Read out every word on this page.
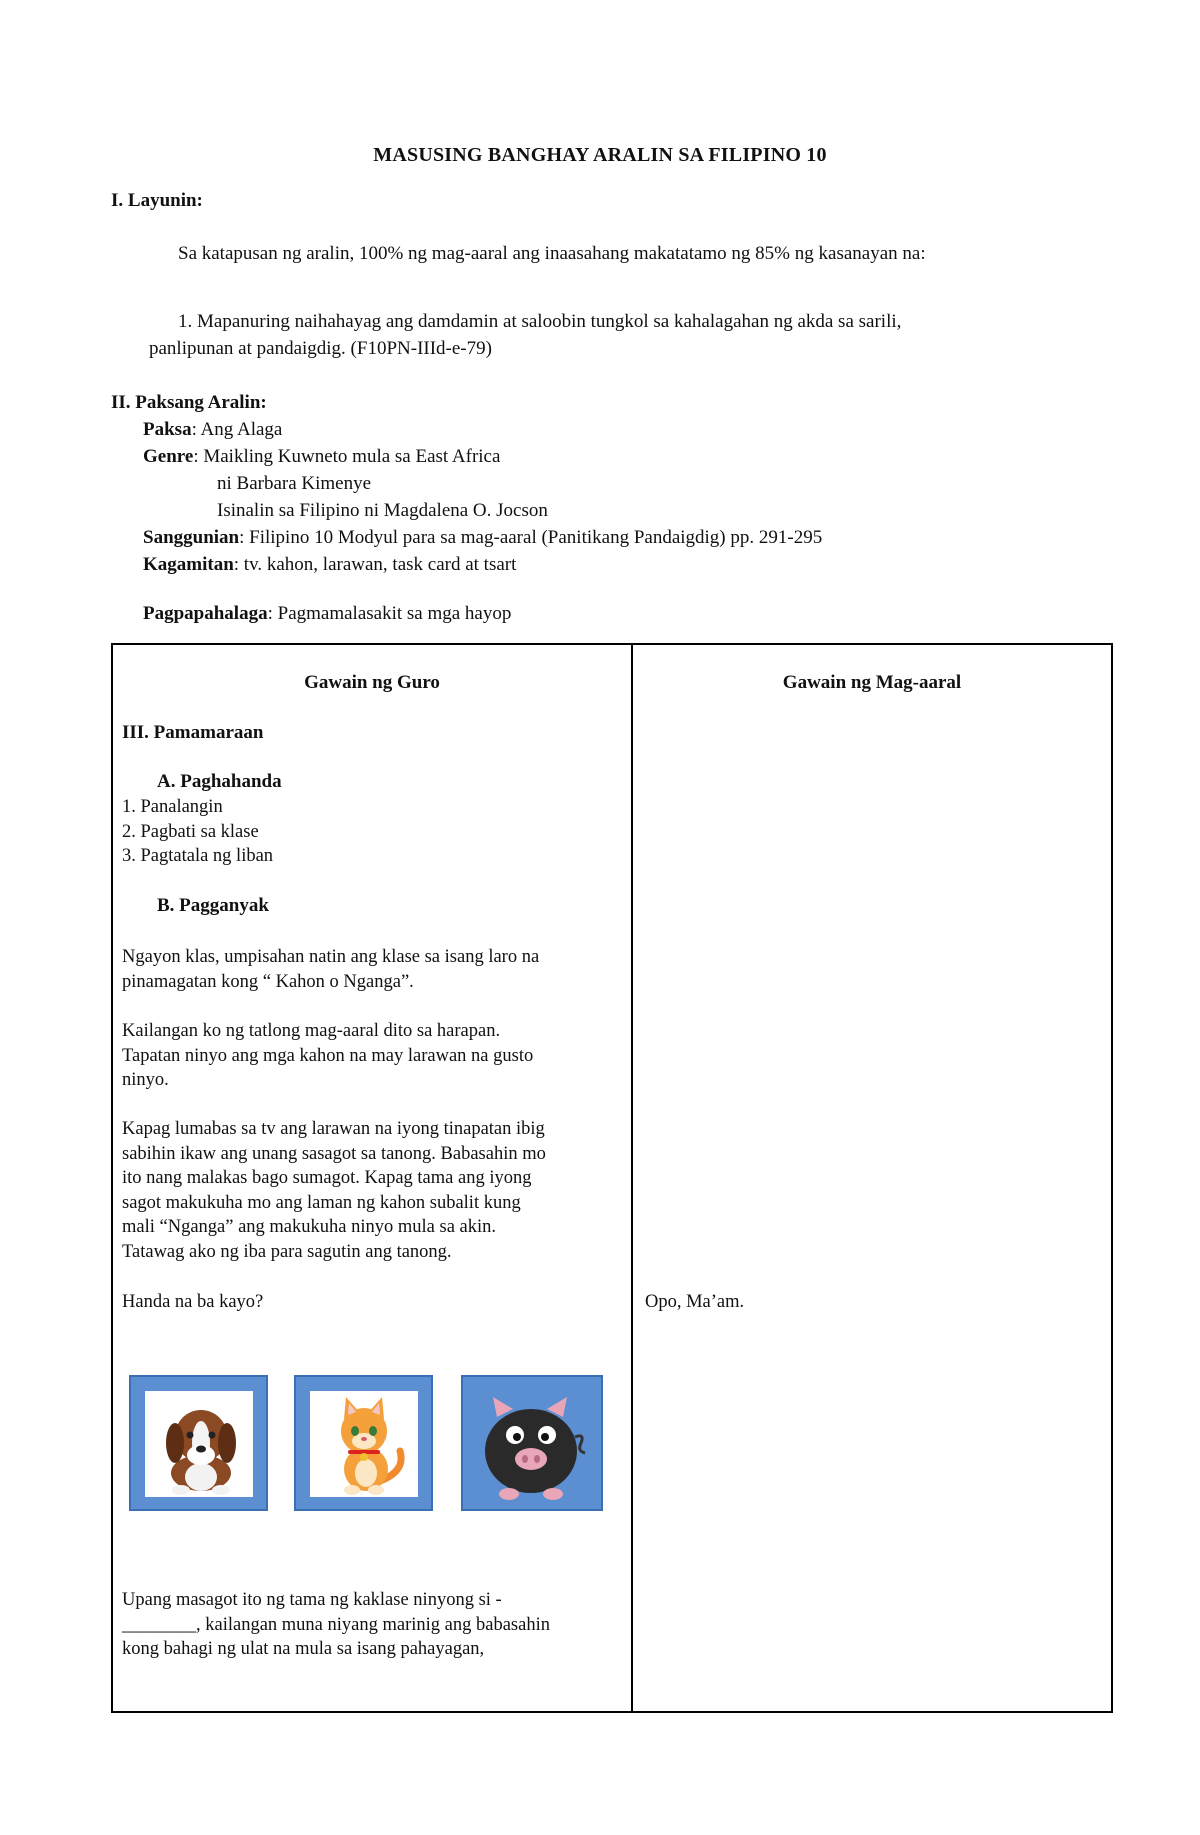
MASUSING BANGHAY ARALIN SA FILIPINO 10
I. Layunin:
Sa katapusan ng aralin, 100% ng mag-aaral ang inaasahang makatatamo ng 85% ng kasanayan na:
1. Mapanuring naihahayag ang damdamin at saloobin tungkol sa kahalagahan ng akda sa sarili,
panlipunan at pandaigdig. (F10PN-IIId-e-79)
II. Paksang Aralin:
Paksa: Ang Alaga
Genre: Maikling Kuwneto mula sa East Africa
ni Barbara Kimenye
Isinalin sa Filipino ni Magdalena O. Jocson
Sanggunian: Filipino 10 Modyul para sa mag-aaral (Panitikang Pandaigdig) pp. 291-295
Kagamitan: tv. kahon, larawan, task card at tsart
Pagpapahalaga: Pagmamalasakit sa mga hayop
Gawain ng Guro	Gawain ng Mag-aaral
III. Pamamaraan
A. Paghahanda
1. Panalangin
2. Pagbati sa klase
3. Pagtatala ng liban
B. Pagganyak
Ngayon klas, umpisahan natin ang klase sa isang laro na
pinamagatan kong “ Kahon o Nganga”.
Kailangan ko ng tatlong mag-aaral dito sa harapan.
Tapatan ninyo ang mga kahon na may larawan na gusto
ninyo.
Kapag lumabas sa tv ang larawan na iyong tinapatan ibig
sabihin ikaw ang unang sasagot sa tanong. Babasahin mo
ito nang malakas bago sumagot. Kapag tama ang iyong
sagot makukuha mo ang laman ng kahon subalit kung
mali “Nganga” ang makukuha ninyo mula sa akin.
Tatawag ako ng iba para sagutin ang tanong.
Handa na ba kayo?	Opo, Ma’am.
Upang masagot ito ng tama ng kaklase ninyong si -
________, kailangan muna niyang marinig ang babasahin
kong bahagi ng ulat na mula sa isang pahayagan,
